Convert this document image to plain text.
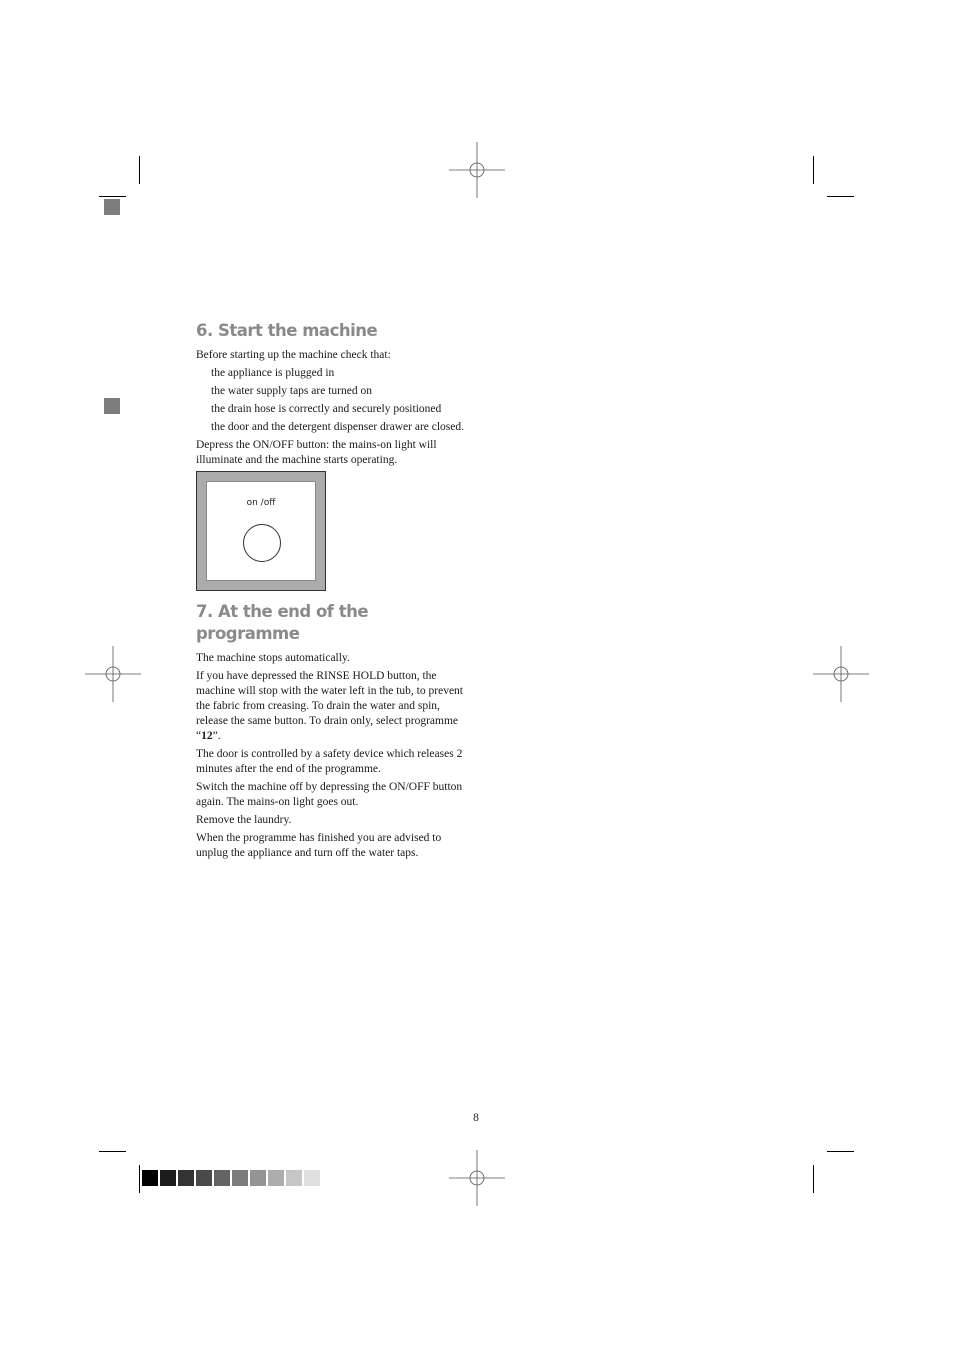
6. Start the machine

Before starting up the machine check that:

the appliance is plugged in
the water supply taps are turned on
the drain hose is correctly and securely positioned
the door and the detergent dispenser drawer are closed.

Depress the ON/OFF button: the mains-on light will illuminate and the machine starts operating.

on /off
7. At the end of the programme

The machine stops automatically.

If you have depressed the RINSE HOLD button, the machine will stop with the water left in the tub, to prevent the fabric from creasing. To drain the water and spin, release the same button. To drain only, select programme “12”.

The door is controlled by a safety device which releases 2 minutes after the end of the programme.

Switch the machine off by depressing the ON/OFF button again. The mains-on light goes out.

Remove the laundry.

When the programme has finished you are advised to unplug the appliance and turn off the water taps.

8
